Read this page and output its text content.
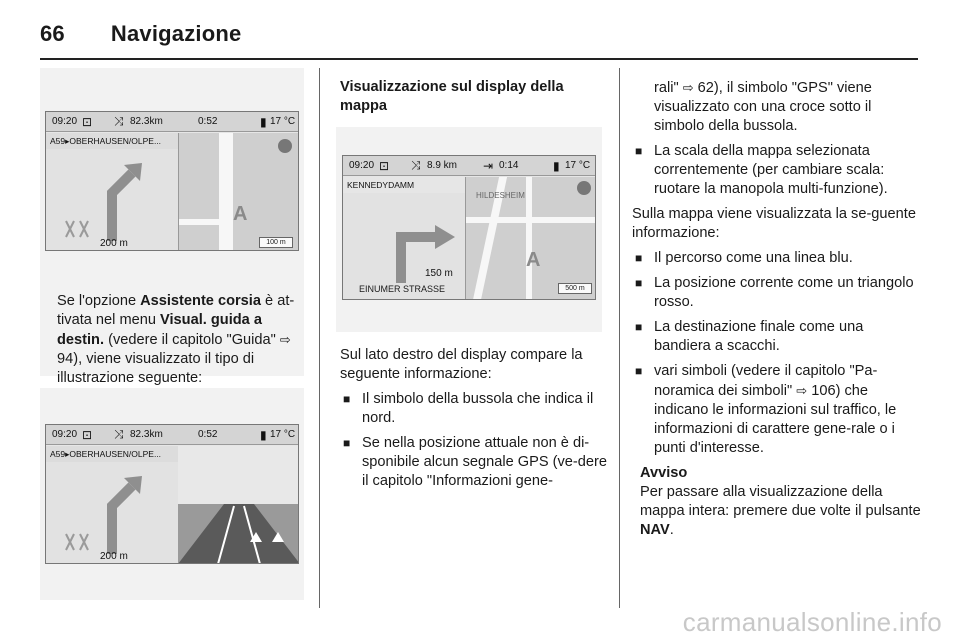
66 Navigazione
09:20 ⊡ ⤨ 82.3km	0:52	▮ 17 °C
A59▸OBERHAUSEN/OLPE...
200 m
A
100 m
Se l'opzione Assistente corsia è at-tivata nel menu Visual. guida a destin. (vedere il capitolo "Guida" ⇨ 94), viene visualizzato il tipo di illustrazione seguente:
09:20 ⊡ ⤨ 82.3km	0:52	▮ 17 °C
A59▸OBERHAUSEN/OLPE...
200 m

Visualizzazione sul display della mappa

09:20 ⊡ ⤨ 8.9 km ⇥ 0:14	▮ 17 °C
KENNEDYDAMM
150 m
EINUMER STRASSE
HILDESHEIM
A
500 m

Sul lato destro del display compare la seguente informazione:

■ Il simbolo della bussola che indica il nord.
■ Se nella posizione attuale non è di-sponibile alcun segnale GPS (ve-dere il capitolo "Informazioni gene-

rali" ⇨ 62), il simbolo "GPS" viene visualizzato con una croce sotto il simbolo della bussola.

■ La scala della mappa selezionata correntemente (per cambiare scala: ruotare la manopola multi-funzione).

Sulla mappa viene visualizzata la se-guente informazione:

■ Il percorso come una linea blu.
■ La posizione corrente come un triangolo rosso.
■ La destinazione finale come una bandiera a scacchi.
■ vari simboli (vedere il capitolo "Pa-noramica dei simboli" ⇨ 106) che indicano le informazioni sul traffico, le informazioni di carattere gene-rale o i punti d'interesse.

Avviso

Per passare alla visualizzazione della mappa intera: premere due volte il pulsante NAV.

carmanualsonline.info
